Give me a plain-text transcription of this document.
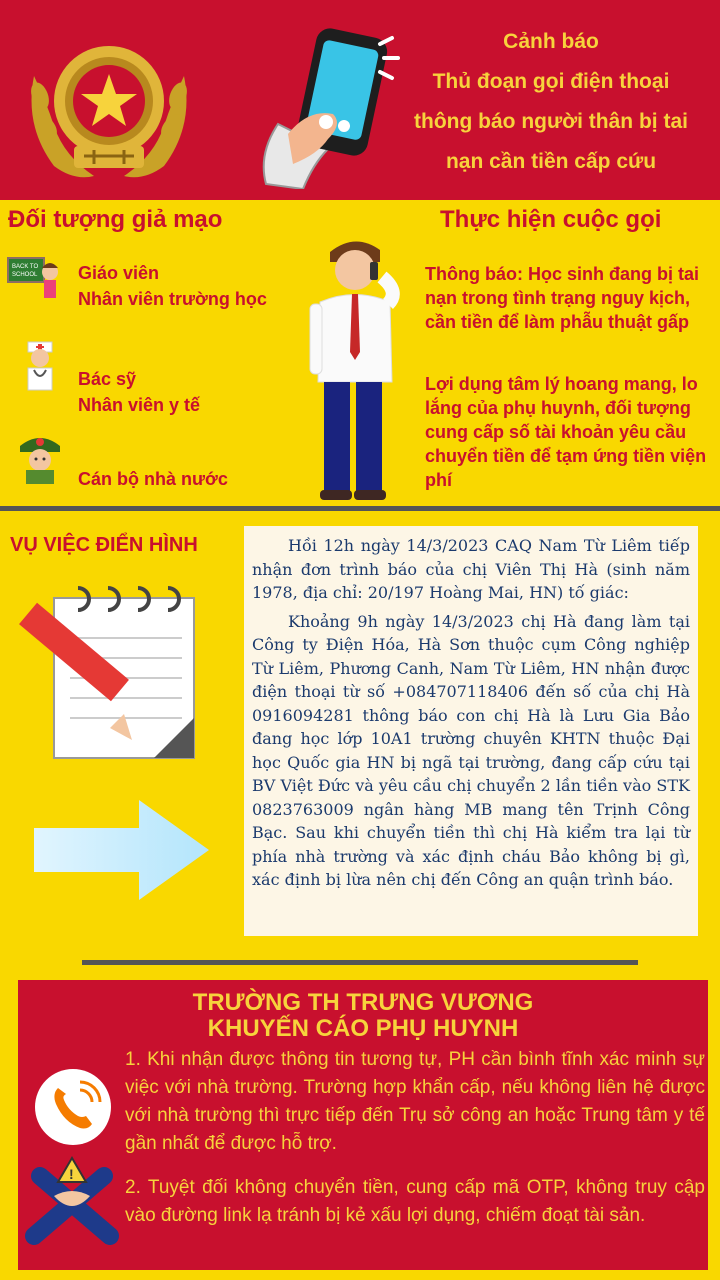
Cảnh báo
Thủ đoạn gọi điện thoại
thông báo người thân bị tai
nạn cần tiền cấp cứu
Đối tượng giả mạo
BACK TO
SCHOOL Giáo viên
Nhân viên trường học
Bác sỹ
Nhân viên y tế
Cán bộ nhà nước
Thực hiện cuộc gọi
Thông báo: Học sinh đang bị tai nạn trong tình trạng nguy kịch, cần tiền để làm phẫu thuật gấp
Lợi dụng tâm lý hoang mang, lo lắng của phụ huynh, đối tượng cung cấp số tài khoản yêu cầu chuyển tiền để tạm ứng tiền viện phí
VỤ VIỆC ĐIỂN HÌNH	Hồi 12h ngày 14/3/2023 CAQ Nam Từ Liêm tiếp nhận đơn trình báo của chị Viên Thị Hà (sinh năm 1978, địa chỉ: 20/197 Hoàng Mai, HN) tố giác:

Khoảng 9h ngày 14/3/2023 chị Hà đang làm tại Công ty Điện Hóa, Hà Sơn thuộc cụm Công nghiệp Từ Liêm, Phương Canh, Nam Từ Liêm, HN nhận được điện thoại từ số +084707118406 đến số của chị Hà 0916094281 thông báo con chị Hà là Lưu Gia Bảo đang học lớp 10A1 trường chuyên KHTN thuộc Đại học Quốc gia HN bị ngã tại trường, đang cấp cứu tại BV Việt Đức và yêu cầu chị chuyển 2 lần tiền vào STK 0823763009 ngân hàng MB mang tên Trịnh Công Bạc. Sau khi chuyển tiền thì chị Hà kiểm tra lại từ phía nhà trường và xác định cháu Bảo không bị gì, xác định bị lừa nên chị đến Công an quận trình báo.

TRƯỜNG TH TRƯNG VƯƠNG
KHUYẾN CÁO PHỤ HUYNH
1. Khi nhận được thông tin tương tự, PH cần bình tĩnh xác minh sự việc với nhà trường. Trường hợp khẩn cấp, nếu không liên hệ được với nhà trường thì trực tiếp đến Trụ sở công an hoặc Trung tâm y tế gần nhất để được hỗ trợ.
!
2. Tuyệt đối không chuyển tiền, cung cấp mã OTP, không truy cập vào đường link lạ tránh bị kẻ xấu lợi dụng, chiếm đoạt tài sản.
